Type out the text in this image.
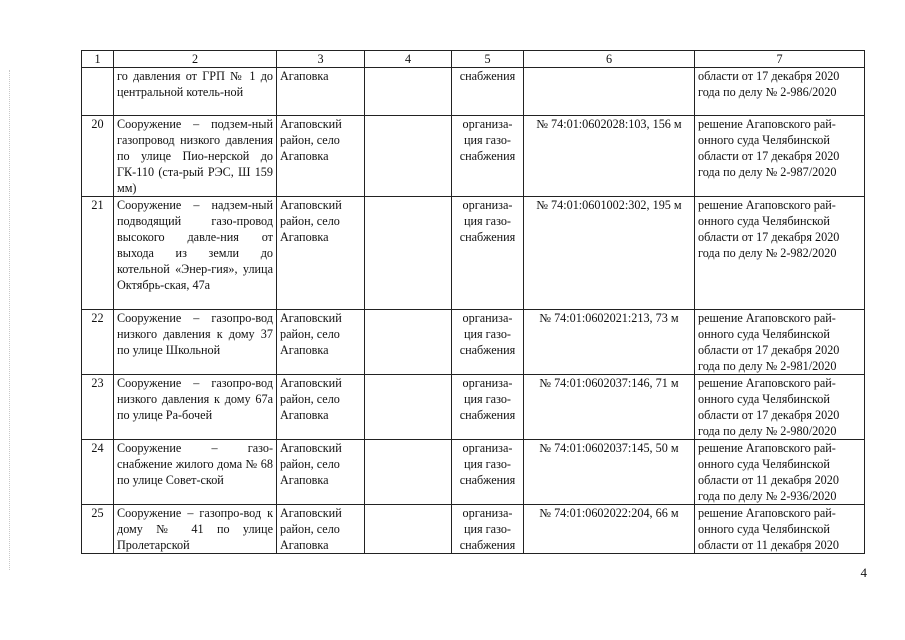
1	2	3	4	5	6	7
	го давления от ГРП № 1 до центральной котель-ной	Агаповка		снабжения		области от 17 декабря 2020 года по делу № 2-986/2020
20	Сооружение – подзем-ный газопровод низкого давления по улице Пио-нерской до ГК-110 (ста-рый РЭС, Ш 159 мм)	Агаповский район, село Агаповка		организа-ция газо-снабжения	№ 74:01:0602028:103, 156 м	решение Агаповского рай-онного суда Челябинской области от 17 декабря 2020 года по делу № 2-987/2020
21	Сооружение – надзем-ный подводящий газо-провод высокого давле-ния от выхода из земли до котельной «Энер-гия», улица Октябрь-ская, 47а	Агаповский район, село Агаповка		организа-ция газо-снабжения	№ 74:01:0601002:302, 195 м	решение Агаповского рай-онного суда Челябинской области от 17 декабря 2020 года по делу № 2-982/2020
22	Сооружение – газопро-вод низкого давления к дому 37 по улице Школьной	Агаповский район, село Агаповка		организа-ция газо-снабжения	№ 74:01:0602021:213, 73 м	решение Агаповского рай-онного суда Челябинской области от 17 декабря 2020 года по делу № 2-981/2020
23	Сооружение – газопро-вод низкого давления к дому 67а по улице Ра-бочей	Агаповский район, село Агаповка		организа-ция газо-снабжения	№ 74:01:0602037:146, 71 м	решение Агаповского рай-онного суда Челябинской области от 17 декабря 2020 года по делу № 2-980/2020
24	Сооружение – газо-снабжение жилого дома № 68 по улице Совет-ской	Агаповский район, село Агаповка		организа-ция газо-снабжения	№ 74:01:0602037:145, 50 м	решение Агаповского рай-онного суда Челябинской области от 11 декабря 2020 года по делу № 2-936/2020
25	Сооружение – газопро-вод к дому № 41 по улице Пролетарской	Агаповский район, село Агаповка		организа-ция газо-снабжения	№ 74:01:0602022:204, 66 м	решение Агаповского рай-онного суда Челябинской области от 11 декабря 2020
4
